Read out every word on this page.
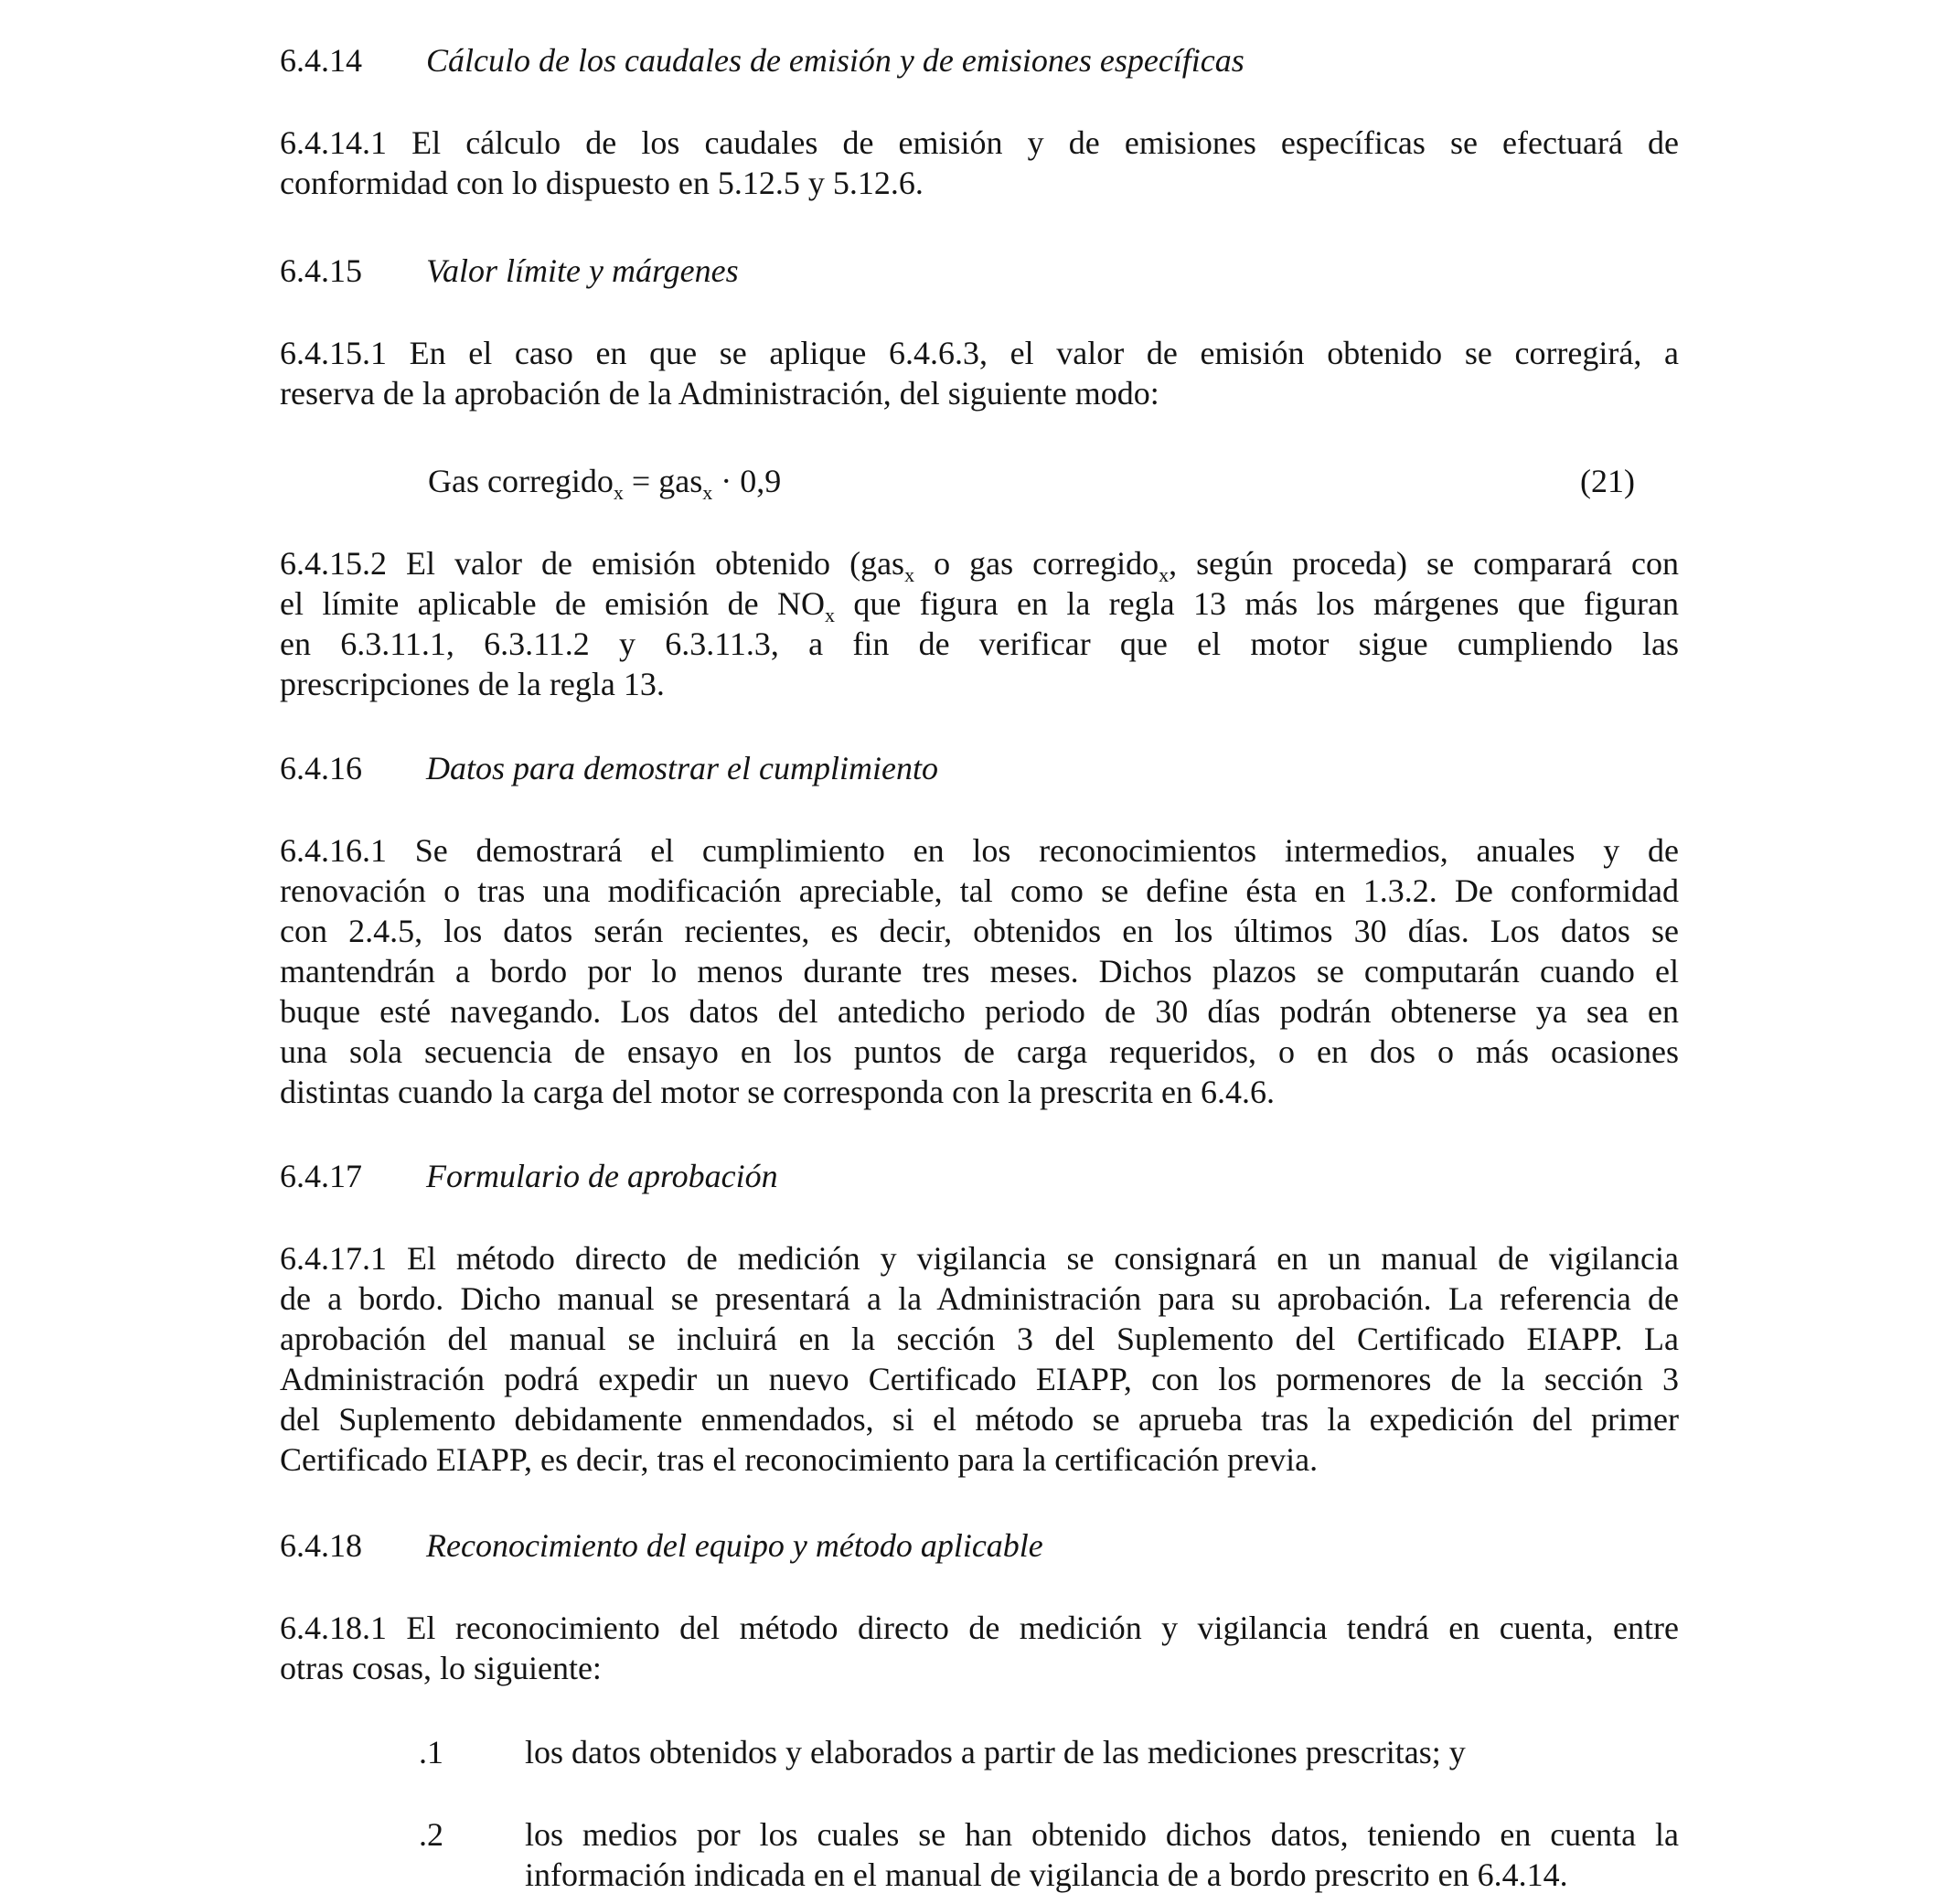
6.4.14 Cálculo de los caudales de emisión y de emisiones específicas
6.4.14.1 El cálculo de los caudales de emisión y de emisiones específicas se efectuará de
conformidad con lo dispuesto en 5.12.5 y 5.12.6.
6.4.15 Valor límite y márgenes
6.4.15.1 En el caso en que se aplique 6.4.6.3, el valor de emisión obtenido se corregirá, a
reserva de la aprobación de la Administración, del siguiente modo:
Gas corregido$_x$ = gas$_x$ · 0,9	(21)
6.4.15.2 El valor de emisión obtenido (gas$_x$ o gas corregido$_x$, según proceda) se comparará con
el límite aplicable de emisión de $NO_x$ que figura en la regla 13 más los márgenes que figuran
en 6.3.11.1, 6.3.11.2 y 6.3.11.3, a fin de verificar que el motor sigue cumpliendo las
prescripciones de la regla 13.
6.4.16 Datos para demostrar el cumplimiento
6.4.16.1 Se demostrará el cumplimiento en los reconocimientos intermedios, anuales y de
renovación o tras una modificación apreciable, tal como se define ésta en 1.3.2. De conformidad
con 2.4.5, los datos serán recientes, es decir, obtenidos en los últimos 30 días. Los datos se
mantendrán a bordo por lo menos durante tres meses. Dichos plazos se computarán cuando el
buque esté navegando. Los datos del antedicho periodo de 30 días podrán obtenerse ya sea en
una sola secuencia de ensayo en los puntos de carga requeridos, o en dos o más ocasiones
distintas cuando la carga del motor se corresponda con la prescrita en 6.4.6.
6.4.17 Formulario de aprobación
6.4.17.1 El método directo de medición y vigilancia se consignará en un manual de vigilancia
de a bordo. Dicho manual se presentará a la Administración para su aprobación. La referencia de
aprobación del manual se incluirá en la sección 3 del Suplemento del Certificado EIAPP. La
Administración podrá expedir un nuevo Certificado EIAPP, con los pormenores de la sección 3
del Suplemento debidamente enmendados, si el método se aprueba tras la expedición del primer
Certificado EIAPP, es decir, tras el reconocimiento para la certificación previa.
6.4.18 Reconocimiento del equipo y método aplicable
6.4.18.1 El reconocimiento del método directo de medición y vigilancia tendrá en cuenta, entre
otras cosas, lo siguiente:
.1 los datos obtenidos y elaborados a partir de las mediciones prescritas; y
.2 los medios por los cuales se han obtenido dichos datos, teniendo en cuenta la
información indicada en el manual de vigilancia de a bordo prescrito en 6.4.14.
